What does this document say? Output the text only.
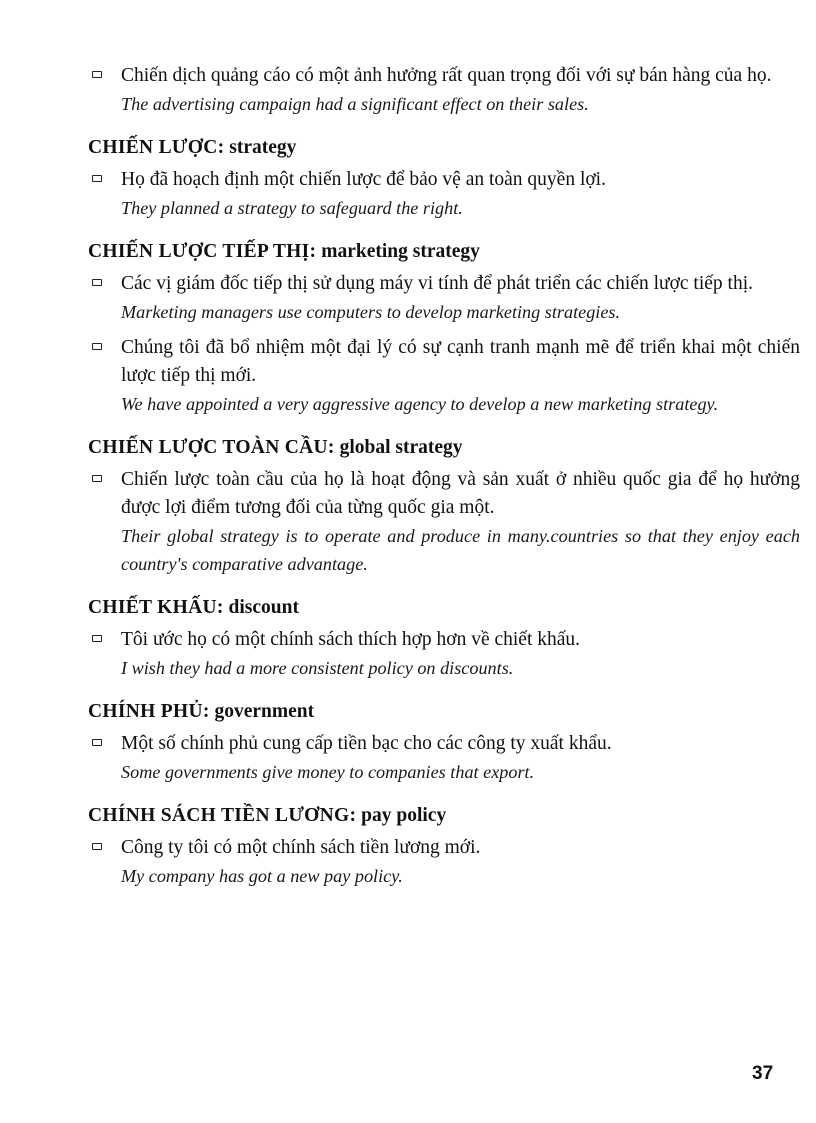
Chiến dịch quảng cáo có một ảnh hưởng rất quan trọng đối với sự bán hàng của họ.
The advertising campaign had a significant effect on their sales.
CHIẾN LƯỢC: strategy
Họ đã hoạch định một chiến lược để bảo vệ an toàn quyền lợi.
They planned a strategy to safeguard the right.
CHIẾN LƯỢC TIẾP THỊ: marketing strategy
Các vị giám đốc tiếp thị sử dụng máy vi tính để phát triển các chiến lược tiếp thị.
Marketing managers use computers to develop marketing strategies.
Chúng tôi đã bổ nhiệm một đại lý có sự cạnh tranh mạnh mẽ để triển khai một chiến lược tiếp thị mới.
We have appointed a very aggressive agency to develop a new marketing strategy.
CHIẾN LƯỢC TOÀN CẦU: global strategy
Chiến lược toàn cầu của họ là hoạt động và sản xuất ở nhiều quốc gia để họ hưởng được lợi điểm tương đối của từng quốc gia một.
Their global strategy is to operate and produce in many.countries so that they enjoy each country's comparative advantage.
CHIẾT KHẤU: discount
Tôi ước họ có một chính sách thích hợp hơn về chiết khấu.
I wish they had a more consistent policy on discounts.
CHÍNH PHỦ: government
Một số chính phủ cung cấp tiền bạc cho các công ty xuất khẩu.
Some governments give money to companies that export.
CHÍNH SÁCH TIỀN LƯƠNG: pay policy
Công ty tôi có một chính sách tiền lương mới.
My company has got a new pay policy.
37
